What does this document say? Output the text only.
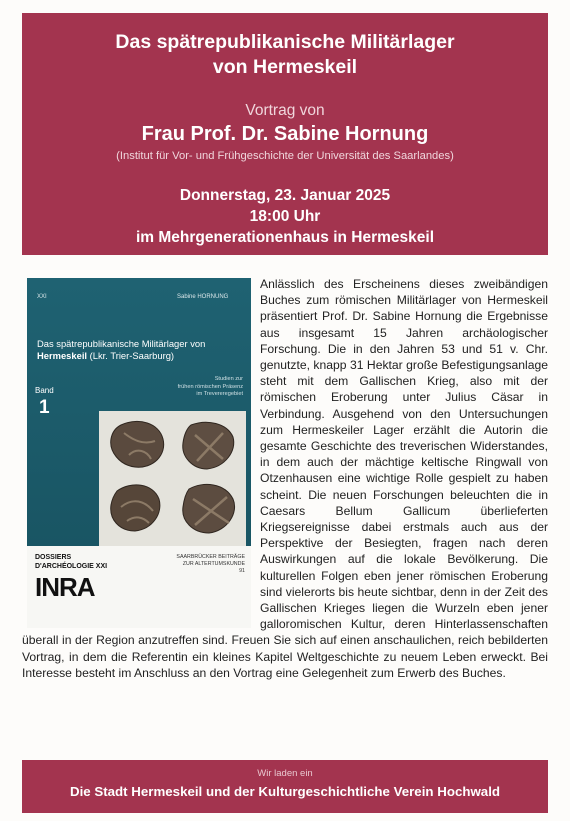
Das spätrepublikanische Militärlager
von Hermeskeil
Vortrag von
Frau Prof. Dr. Sabine Hornung
(Institut für Vor- und Frühgeschichte der Universität des Saarlandes)
Donnerstag, 23. Januar 2025
18:00 Uhr
im Mehrgenerationenhaus in Hermeskeil
XXI	Sabine HORNUNG
Das spätrepublikanische Militärlager von
Hermeskeil (Lkr. Trier-Saarburg)
Studien zur
frühen römischen Präsenz
im Trevereregebiet
Band
1
DOSSIERS
D'ARCHÉOLOGIE XXI
INRA
SAARBRÜCKER BEITRÄGE
ZUR ALTERTUMSKUNDE
91
Anlässlich des Erscheinens dieses zweibändigen Buches zum römischen Militärlager von Hermeskeil präsentiert Prof. Dr. Sabine Hornung die Ergebnisse aus insgesamt 15 Jahren archäologischer Forschung. Die in den Jahren 53 und 51 v. Chr. genutzte, knapp 31 Hektar große Befestigungsanlage steht mit dem Gallischen Krieg, also mit der römischen Eroberung unter Julius Cäsar in Verbindung. Ausgehend von den Untersuchungen zum Hermeskeiler Lager erzählt die Autorin die gesamte Geschichte des treverischen Widerstandes, in dem auch der mächtige keltische Ringwall von Otzenhausen eine wichtige Rolle gespielt zu haben scheint. Die neuen Forschungen beleuchten die in Caesars Bellum Gallicum überlieferten Kriegsereignisse dabei erstmals auch aus der Perspektive der Besiegten, fragen nach deren Auswirkungen auf die lokale Bevölkerung. Die kulturellen Folgen eben jener römischen Eroberung sind vielerorts bis heute sichtbar, denn in der Zeit des Gallischen Krieges liegen die Wurzeln eben jener galloromischen Kultur, deren Hinterlassenschaften überall in der Region anzutreffen sind. Freuen Sie sich auf einen anschaulichen, reich bebilderten Vortrag, in dem die Referentin ein kleines Kapitel Weltgeschichte zu neuem Leben erweckt. Bei Interesse besteht im Anschluss an den Vortrag eine Gelegenheit zum Erwerb des Buches.
Wir laden ein
Die Stadt Hermeskeil und der Kulturgeschichtliche Verein Hochwald
